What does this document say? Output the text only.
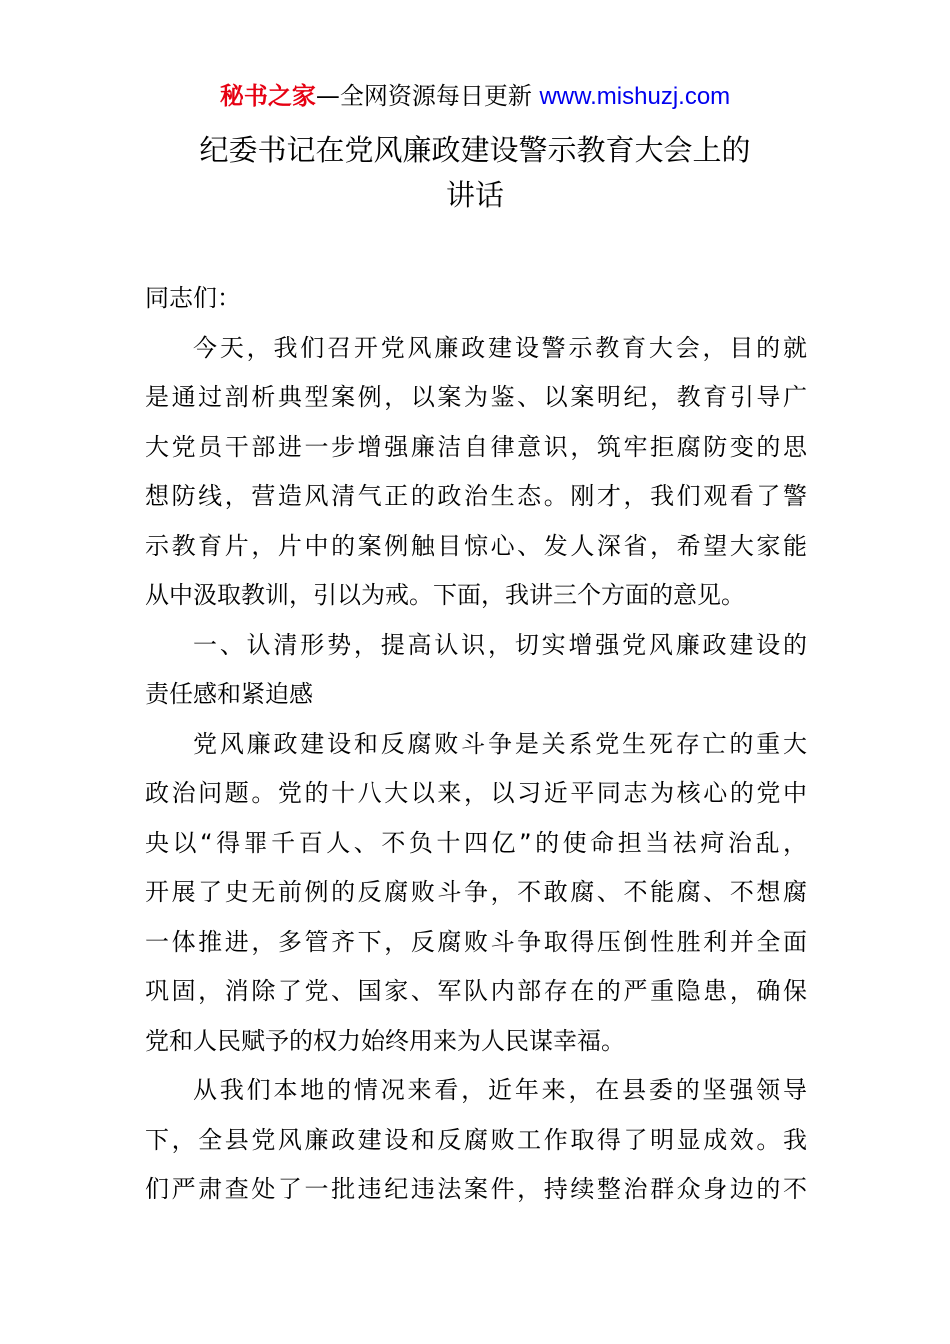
秘书之家—全网资源每日更新 www.mishuzj.com
纪委书记在党风廉政建设警示教育大会上的
讲话
同志们：
今天，我们召开党风廉政建设警示教育大会，目的就
是通过剖析典型案例，以案为鉴、以案明纪，教育引导广
大党员干部进一步增强廉洁自律意识，筑牢拒腐防变的思
想防线，营造风清气正的政治生态。刚才，我们观看了警
示教育片，片中的案例触目惊心、发人深省，希望大家能
从中汲取教训，引以为戒。下面，我讲三个方面的意见。
一、认清形势，提高认识，切实增强党风廉政建设的
责任感和紧迫感
党风廉政建设和反腐败斗争是关系党生死存亡的重大
政治问题。党的十八大以来，以习近平同志为核心的党中
央以“得罪千百人、不负十四亿”的使命担当祛疴治乱，
开展了史无前例的反腐败斗争，不敢腐、不能腐、不想腐
一体推进，多管齐下，反腐败斗争取得压倒性胜利并全面
巩固，消除了党、国家、军队内部存在的严重隐患，确保
党和人民赋予的权力始终用来为人民谋幸福。
从我们本地的情况来看，近年来，在县委的坚强领导
下，全县党风廉政建设和反腐败工作取得了明显成效。我
们严肃查处了一批违纪违法案件，持续整治群众身边的不
